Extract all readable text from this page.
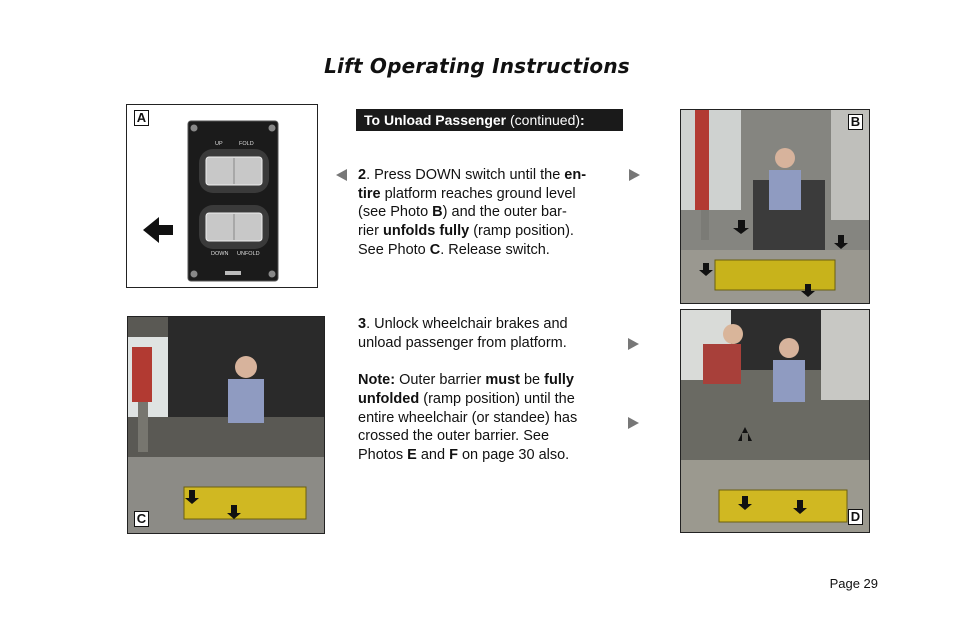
Lift Operating Instructions
UP	FOLD
DOWN UNFOLD
A	B
C	D
To Unload Passenger (continued):
2. Press DOWN switch until the en-
tire platform reaches ground level
(see Photo B) and the outer bar-
rier unfolds fully (ramp position).
See Photo C. Release switch.
3. Unlock wheelchair brakes and
unload passenger from platform.
Note: Outer barrier must be fully
unfolded (ramp position) until the
entire wheelchair (or standee) has
crossed the outer barrier. See
Photos E and F on page 30 also.
Page 29
